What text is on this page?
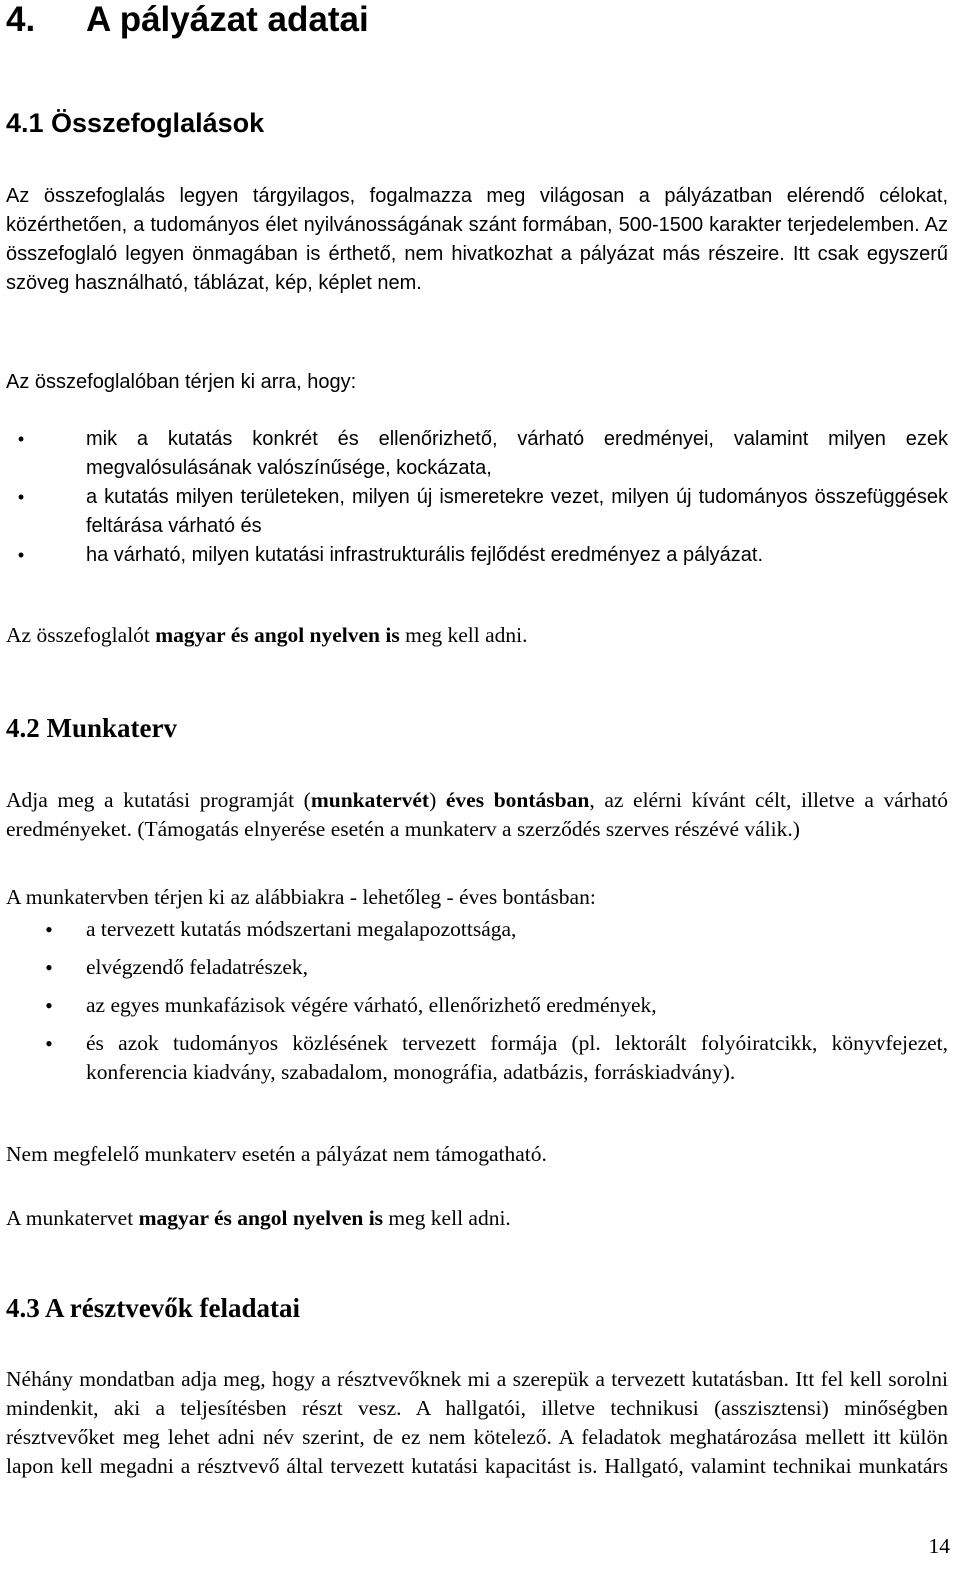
4. A pályázat adatai
4.1 Összefoglalások

Az összefoglalás legyen tárgyilagos, fogalmazza meg világosan a pályázatban elérendő célokat, közérthetően, a tudományos élet nyilvánosságának szánt formában, 500-1500 karakter terjedelemben. Az összefoglaló legyen önmagában is érthető, nem hivatkozhat a pályázat más részeire. Itt csak egyszerű szöveg használható, táblázat, kép, képlet nem.

Az összefoglalóban térjen ki arra, hogy:

•	mik a kutatás konkrét és ellenőrizhető, várható eredményei, valamint milyen ezek megvalósulásának valószínűsége, kockázata,
•	a kutatás milyen területeken, milyen új ismeretekre vezet, milyen új tudományos összefüggések feltárása várható és
•	ha várható, milyen kutatási infrastrukturális fejlődést eredményez a pályázat.

Az összefoglalót magyar és angol nyelven is meg kell adni.

4.2 Munkaterv

Adja meg a kutatási programját (munkatervét) éves bontásban, az elérni kívánt célt, illetve a várható eredményeket. (Támogatás elnyerése esetén a munkaterv a szerződés szerves részévé válik.)

A munkatervben térjen ki az alábbiakra - lehetőleg - éves bontásban:

•	a tervezett kutatás módszertani megalapozottsága,
•	elvégzendő feladatrészek,
•	az egyes munkafázisok végére várható, ellenőrizhető eredmények,
•	és azok tudományos közlésének tervezett formája (pl. lektorált folyóiratcikk, könyvfejezet, konferencia kiadvány, szabadalom, monográfia, adatbázis, forráskiadvány).

Nem megfelelő munkaterv esetén a pályázat nem támogatható.

A munkatervet magyar és angol nyelven is meg kell adni.

4.3 A résztvevők feladatai

Néhány mondatban adja meg, hogy a résztvevőknek mi a szerepük a tervezett kutatásban. Itt fel kell sorolni mindenkit, aki a teljesítésben részt vesz. A hallgatói, illetve technikusi (asszisztensi) minőségben résztvevőket meg lehet adni név szerint, de ez nem kötelező. A feladatok meghatározása mellett itt külön lapon kell megadni a résztvevő által tervezett kutatási kapacitást is. Hallgató, valamint technikai munkatárs

14
